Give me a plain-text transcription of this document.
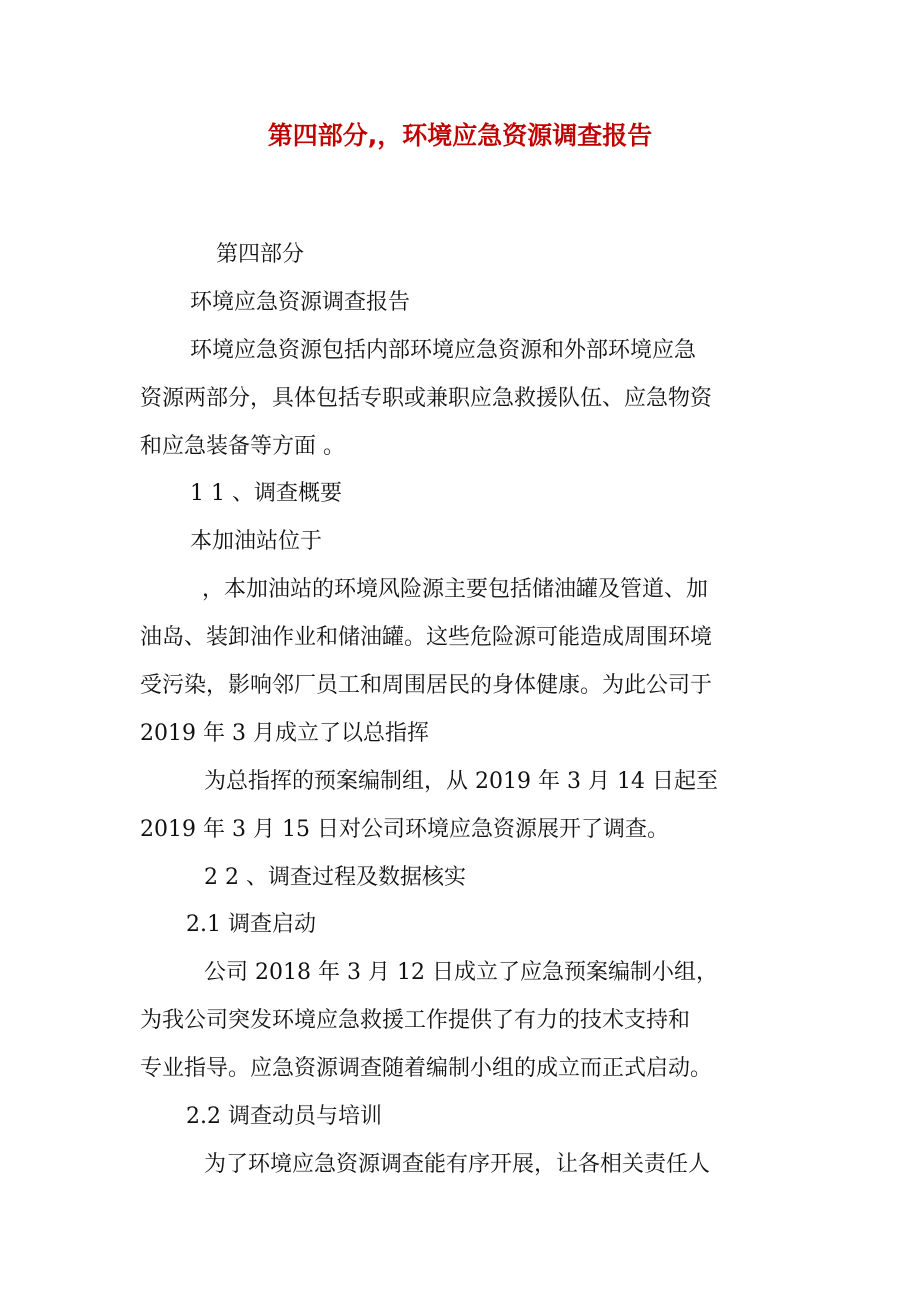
第四部分,，环境应急资源调查报告

第四部分

环境应急资源调查报告

环境应急资源包括内部环境应急资源和外部环境应急

资源两部分，具体包括专职或兼职应急救援队伍、应急物资

和应急装备等方面 。

1 1 、调查概要

本加油站位于

，本加油站的环境风险源主要包括储油罐及管道、加

油岛、装卸油作业和储油罐。这些危险源可能造成周围环境

受污染，影响邻厂员工和周围居民的身体健康。为此公司于

2019 年 3 月成立了以总指挥

为总指挥的预案编制组，从 2019 年 3 月 14 日起至

2019 年 3 月 15 日对公司环境应急资源展开了调查。

2 2 、调查过程及数据核实

2.1 调查启动

公司 2018 年 3 月 12 日成立了应急预案编制小组，

为我公司突发环境应急救援工作提供了有力的技术支持和

专业指导。应急资源调查随着编制小组的成立而正式启动。

2.2 调查动员与培训

为了环境应急资源调查能有序开展，让各相关责任人
